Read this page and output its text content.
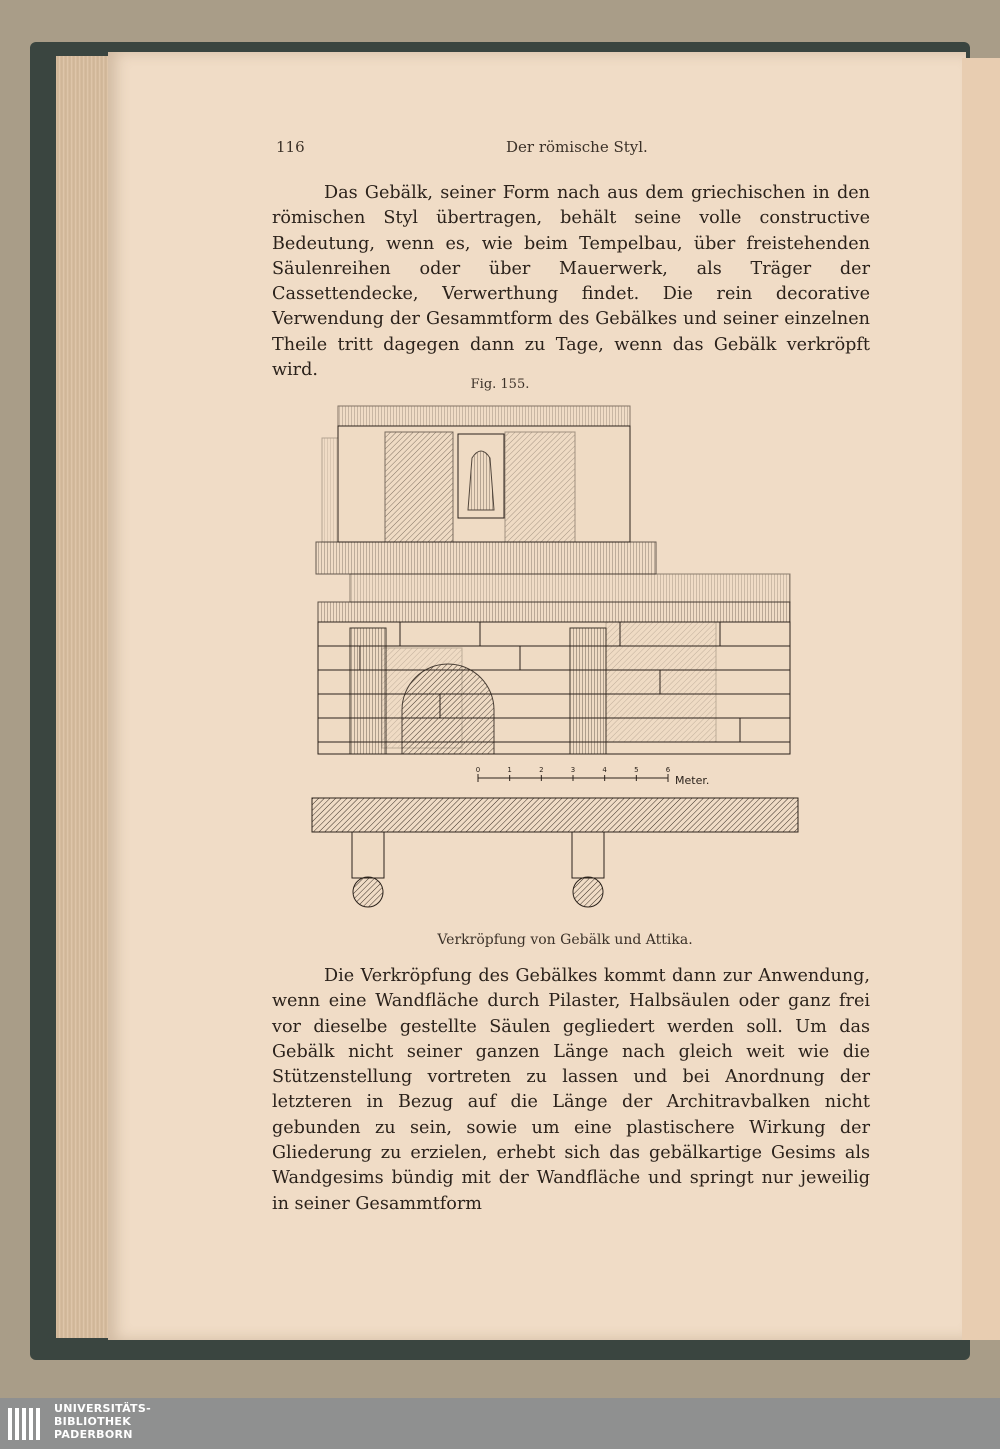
116	Der römische Styl.

Das Gebälk, seiner Form nach aus dem griechischen in den römischen Styl übertragen, behält seine volle constructive Bedeutung, wenn es, wie beim Tempelbau, über freistehenden Säulenreihen oder über Mauerwerk, als Träger der Cassettendecke, Verwerthung findet. Die rein decorative Verwendung der Gesammtform des Gebälkes und seiner einzelnen Theile tritt dagegen dann zu Tage, wenn das Gebälk verkröpft wird.

Fig. 155.
Meter.
0	1	2	3	4	5	6
Verkröpfung von Gebälk und Attika.

Die Verkröpfung des Gebälkes kommt dann zur Anwendung, wenn eine Wandfläche durch Pilaster, Halbsäulen oder ganz frei vor dieselbe gestellte Säulen gegliedert werden soll. Um das Gebälk nicht seiner ganzen Länge nach gleich weit wie die Stützenstellung vortreten zu lassen und bei Anordnung der letzteren in Bezug auf die Länge der Architravbalken nicht gebunden zu sein, sowie um eine plastischere Wirkung der Gliederung zu erzielen, erhebt sich das gebälkartige Gesims als Wandgesims bündig mit der Wandfläche und springt nur jeweilig in seiner Gesammtform

UNIVERSITÄTS-
BIBLIOTHEK
PADERBORN
